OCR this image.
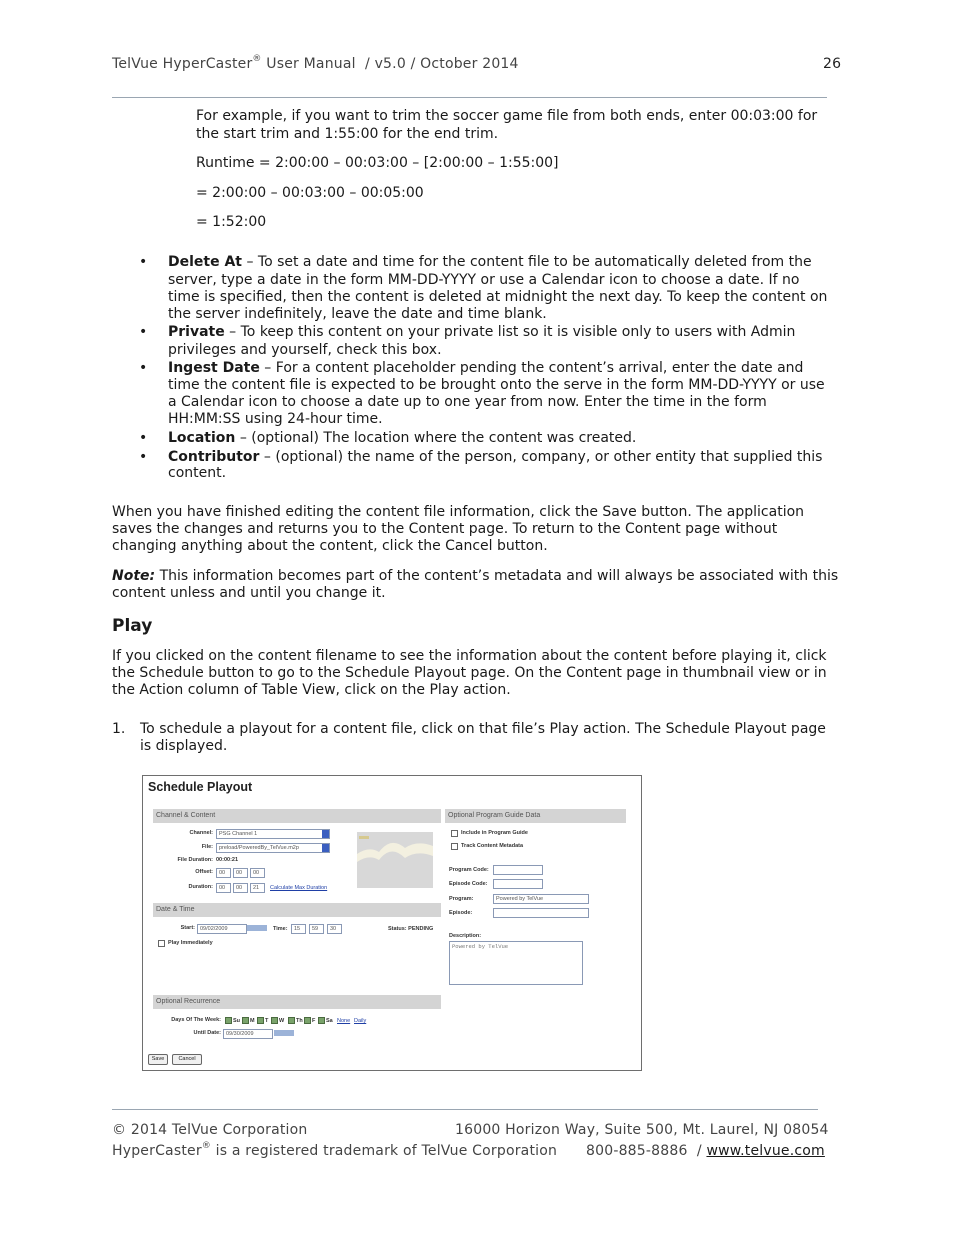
TelVue HyperCaster® User Manual  / v5.0 / October 2014	26
For example, if you want to trim the soccer game file from both ends, enter 00:03:00 for
the start trim and 1:55:00 for the end trim.
Runtime = 2:00:00 – 00:03:00 – [2:00:00 – 1:55:00]
= 2:00:00 – 00:03:00 – 00:05:00
= 1:52:00
• Delete At – To set a date and time for the content file to be automatically deleted from the
server, type a date in the form MM-DD-YYYY or use a Calendar icon to choose a date. If no
time is specified, then the content is deleted at midnight the next day. To keep the content on
the server indefinitely, leave the date and time blank.
• Private – To keep this content on your private list so it is visible only to users with Admin
privileges and yourself, check this box.
• Ingest Date – For a content placeholder pending the content’s arrival, enter the date and
time the content file is expected to be brought onto the serve in the form MM-DD-YYYY or use
a Calendar icon to choose a date up to one year from now. Enter the time in the form
HH:MM:SS using 24-hour time.
• Location – (optional) The location where the content was created.
• Contributor – (optional) the name of the person, company, or other entity that supplied this
content.
When you have finished editing the content file information, click the Save button. The application
saves the changes and returns you to the Content page. To return to the Content page without
changing anything about the content, click the Cancel button.
Note: This information becomes part of the content’s metadata and will always be associated with this
content unless and until you change it.
Play
If you clicked on the content filename to see the information about the content before playing it, click
the Schedule button to go to the Schedule Playout page. On the Content page in thumbnail view or in
the Action column of Table View, click on the Play action.
1. To schedule a playout for a content file, click on that file’s Play action. The Schedule Playout page
is displayed.
Schedule Playout
Channel & Content
Channel:	PSG Channel 1
File:	preload/PoweredBy_TelVue.m2p
File Duration: 00:00:21
Offset:	00	00	00
Duration:	00	00	21	Calculate Max Duration
Optional Program Guide Data
Include in Program Guide
Track Content Metadata
Program Code:
Episode Code:
Program:	Powered by TelVue
Episode:
Description:
Powered by TelVue
Date & Time
Start: 09/02/2009	Time:	15	59	30	Status: PENDING
Play Immediately
Optional Recurrence
Days Of The Week: Su M T W Th F Sa None Daily
Until Date: 09/30/2009
Save	Cancel
© 2014 TelVue Corporation	16000 Horizon Way, Suite 500, Mt. Laurel, NJ 08054
HyperCaster® is a registered trademark of TelVue Corporation 800-885-8886  / www.telvue.com
